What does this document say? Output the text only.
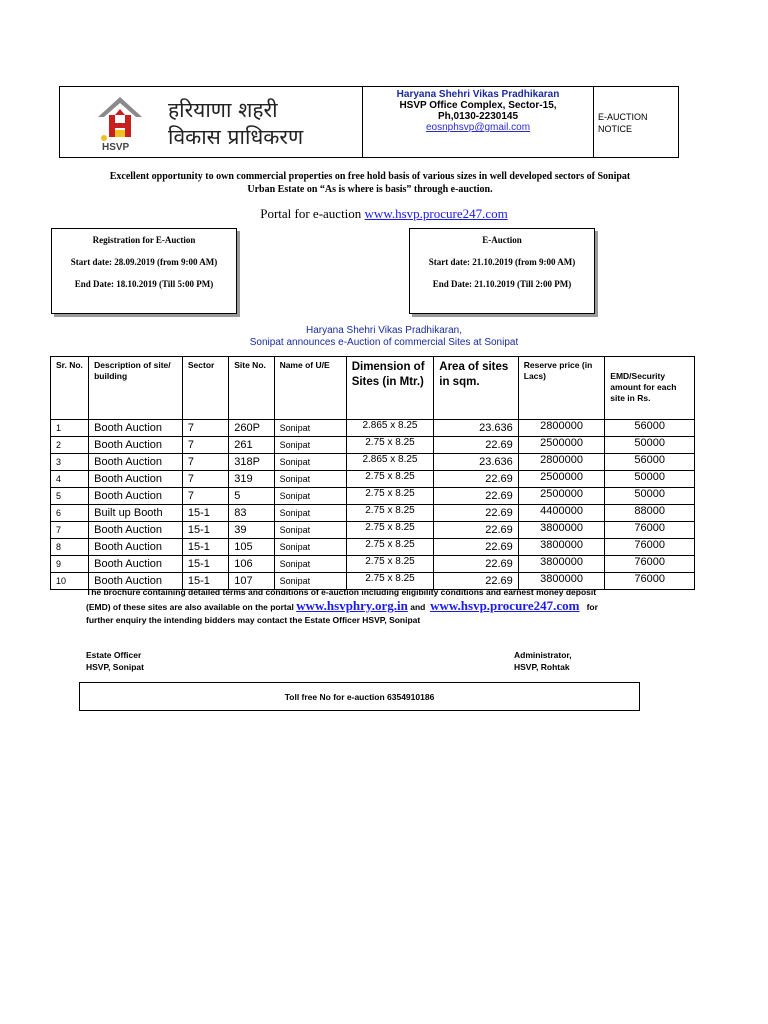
HSVP
हरियाणा शहरी
विकास प्राधिकरण
Haryana Shehri Vikas Pradhikaran
HSVP Office Complex, Sector-15,
Ph,0130-2230145
eosnphsvp@gmail.com
E-AUCTION
NOTICE
Excellent opportunity to own commercial properties on free hold basis of various sizes in well developed sectors of Sonipat
Urban Estate on “As is where is basis” through e-auction.
Portal for e-auction www.hsvp.procure247.com
Registration for E-Auction
Start date: 28.09.2019 (from 9:00 AM)
End Date: 18.10.2019 (Till 5:00 PM)
E-Auction
Start date: 21.10.2019 (from 9:00 AM)
End Date: 21.10.2019 (Till 2:00 PM)
Haryana Shehri Vikas Pradhikaran,
Sonipat announces e-Auction of commercial Sites at Sonipat
Sr. No.	Description of site/ building	Sector	Site No.	Name of U/E	Dimension of Sites (in Mtr.)	Area of sites in sqm.	Reserve price (in Lacs)	EMD/Security amount for each site in Rs.
1	Booth Auction	7	260P	Sonipat	2.865 x 8.25	23.636	2800000	56000
2	Booth Auction	7	261	Sonipat	2.75 x 8.25	22.69	2500000	50000
3	Booth Auction	7	318P	Sonipat	2.865 x 8.25	23.636	2800000	56000
4	Booth Auction	7	319	Sonipat	2.75 x 8.25	22.69	2500000	50000
5	Booth Auction	7	5	Sonipat	2.75 x 8.25	22.69	2500000	50000
6	Built up Booth	15-1	83	Sonipat	2.75 x 8.25	22.69	4400000	88000
7	Booth Auction	15-1	39	Sonipat	2.75 x 8.25	22.69	3800000	76000
8	Booth Auction	15-1	105	Sonipat	2.75 x 8.25	22.69	3800000	76000
9	Booth Auction	15-1	106	Sonipat	2.75 x 8.25	22.69	3800000	76000
10	Booth Auction	15-1	107	Sonipat	2.75 x 8.25	22.69	3800000	76000
The brochure containing detailed terms and conditions of e-auction including eligibility conditions and earnest money deposit
(EMD) of these sites are also available on the portal www.hsvphry.org.in and www.hsvp.procure247.com for
further enquiry the intending bidders may contact the Estate Officer HSVP, Sonipat
Estate Officer
HSVP, Sonipat
Administrator,
HSVP, Rohtak
Toll free No for e-auction 6354910186
